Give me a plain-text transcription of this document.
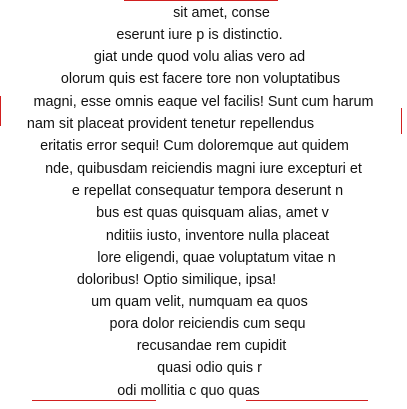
sit amet, conse
eserunt iure p is distinctio.
giat unde quod volu alias vero ad
olorum quis est facere tore non voluptatibus
magni, esse omnis eaque vel facilis! Sunt cum harum
nam sit placeat provident tenetur repellendus
eritatis error sequi! Cum doloremque aut quidem
nde, quibusdam reiciendis magni iure excepturi et
e repellat consequatur tempora deserunt n
bus est quas quisquam alias, amet v
nditiis iusto, inventore nulla placeat
lore eligendi, quae voluptatum vitae n
doloribus! Optio similique, ipsa!
um quam velit, numquam ea quos
pora dolor reiciendis cum sequ
recusandae rem cupidit
quasi odio quis r
odi mollitia c quo quas
